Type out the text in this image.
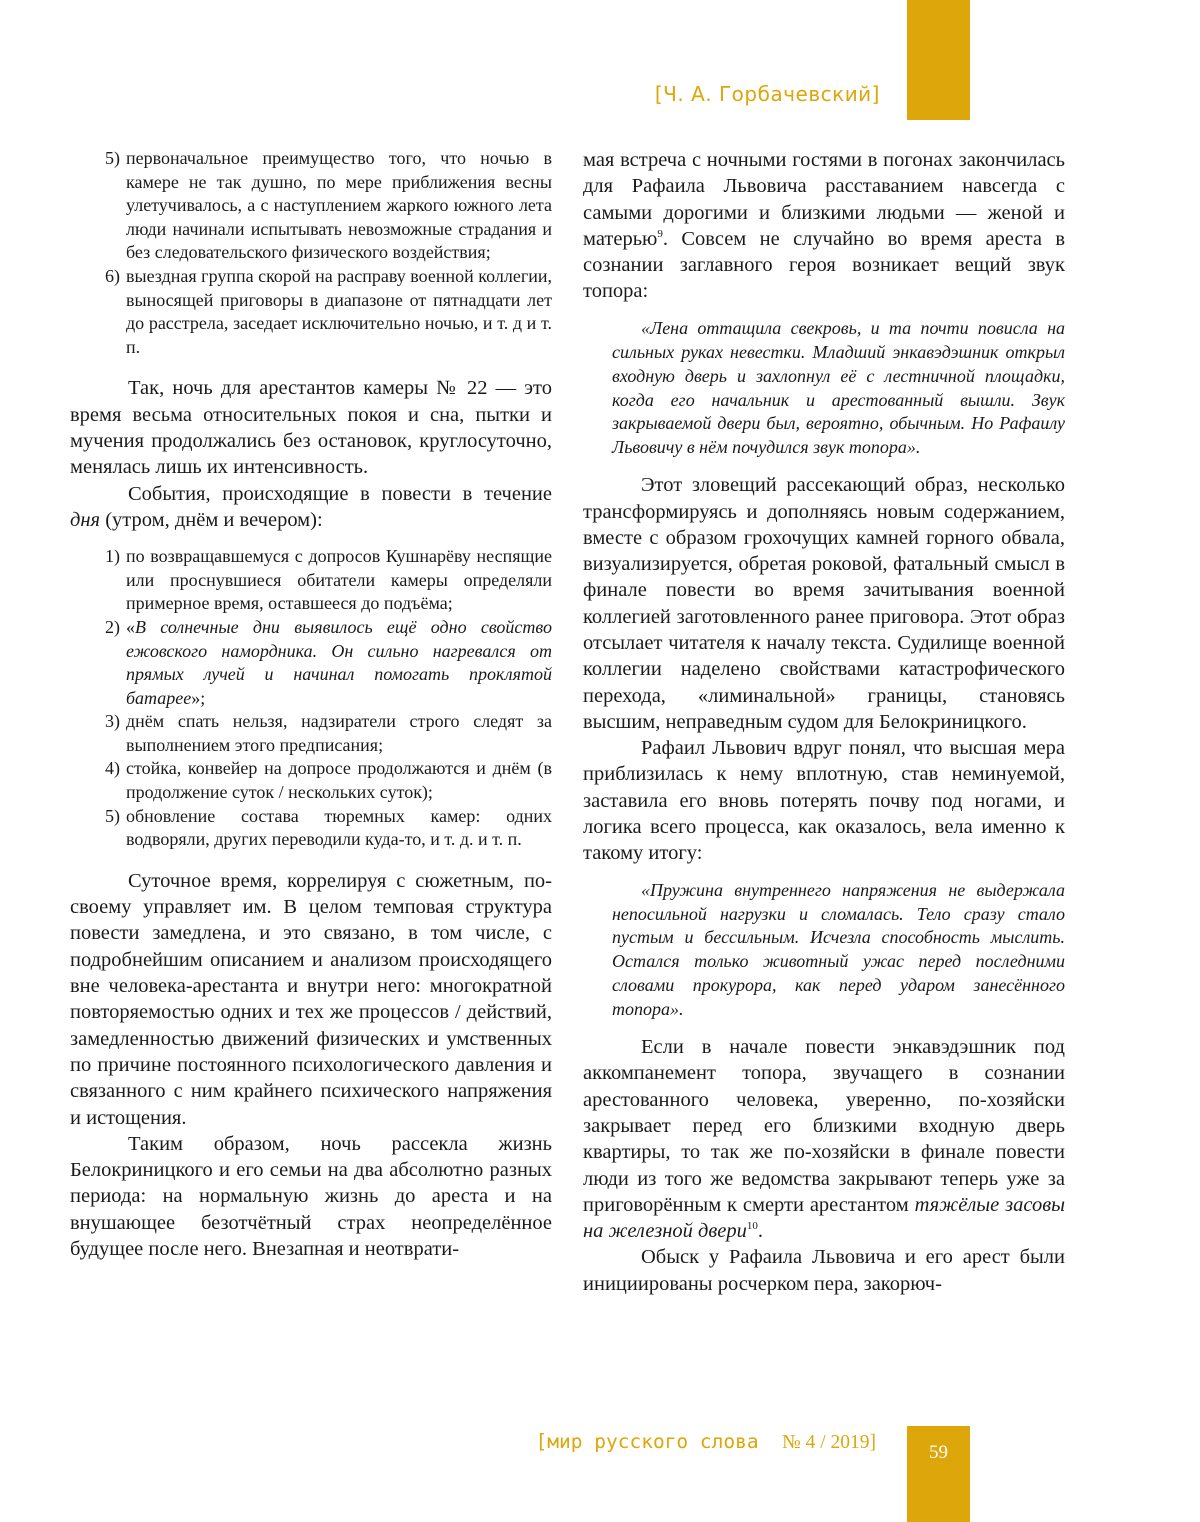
[Ч. А. Горбачевский]
5) первоначальное преимущество того, что ночью в камере не так душно, по мере приближения весны улетучивалось, а с наступлением жаркого южного лета люди начинали испытывать невозможные страдания и без следовательского физического воздействия;
6) выездная группа скорой на расправу военной коллегии, выносящей приговоры в диапазоне от пятнадцати лет до расстрела, заседает исключительно ночью, и т. д и т. п.

Так, ночь для арестантов камеры № 22 — это время весьма относительных покоя и сна, пытки и мучения продолжались без остановок, круглосуточно, менялась лишь их интенсивность.

События, происходящие в повести в течение дня (утром, днём и вечером):

1) по возвращавшемуся с допросов Кушнарёву неспящие или проснувшиеся обитатели камеры определяли примерное время, оставшееся до подъёма;
2) «В солнечные дни выявилось ещё одно свойство ежовского намордника. Он сильно нагревался от прямых лучей и начинал помогать проклятой батарее»;
3) днём спать нельзя, надзиратели строго следят за выполнением этого предписания;
4) стойка, конвейер на допросе продолжаются и днём (в продолжение суток / нескольких суток);
5) обновление состава тюремных камер: одних водворяли, других переводили куда-то, и т. д. и т. п.

Суточное время, коррелируя с сюжетным, по-своему управляет им. В целом темповая структура повести замедлена, и это связано, в том числе, с подробнейшим описанием и анализом происходящего вне человека-арестанта и внутри него: многократной повторяемостью одних и тех же процессов / действий, замедленностью движений физических и умственных по причине постоянного психологического давления и связанного с ним крайнего психического напряжения и истощения.

Таким образом, ночь рассекла жизнь Белокриницкого и его семьи на два абсолютно разных периода: на нормальную жизнь до ареста и на внушающее безотчётный страх неопределённое будущее после него. Внезапная и неотврати-

мая встреча с ночными гостями в погонах закончилась для Рафаила Львовича расставанием навсегда с самыми дорогими и близкими людьми — женой и матерью$^9$. Совсем не случайно во время ареста в сознании заглавного героя возникает вещий звук топора:

«Лена оттащила свекровь, и та почти повисла на сильных руках невестки. Младший энкавэдэшник открыл входную дверь и захлопнул её с лестничной площадки, когда его начальник и арестованный вышли. Звук закрываемой двери был, вероятно, обычным. Но Рафаилу Львовичу в нём почудился звук топора».

Этот зловещий рассекающий образ, несколько трансформируясь и дополняясь новым содержанием, вместе с образом грохочущих камней горного обвала, визуализируется, обретая роковой, фатальный смысл в финале повести во время зачитывания военной коллегией заготовленного ранее приговора. Этот образ отсылает читателя к началу текста. Судилище военной коллегии наделено свойствами катастрофического перехода, «лиминальной» границы, становясь высшим, неправедным судом для Белокриницкого.

Рафаил Львович вдруг понял, что высшая мера приблизилась к нему вплотную, став неминуемой, заставила его вновь потерять почву под ногами, и логика всего процесса, как оказалось, вела именно к такому итогу:

«Пружина внутреннего напряжения не выдержала непосильной нагрузки и сломалась. Тело сразу стало пустым и бессильным. Исчезла способность мыслить. Остался только животный ужас перед последними словами прокурора, как перед ударом занесённого топора».

Если в начале повести энкавэдэшник под аккомпанемент топора, звучащего в сознании арестованного человека, уверенно, по-хозяйски закрывает перед его близкими входную дверь квартиры, то так же по-хозяйски в финале повести люди из того же ведомства закрывают теперь уже за приговорённым к смерти арестантом тяжёлые засовы на железной двери$^{10}$.

Обыск у Рафаила Львовича и его арест были инициированы росчерком пера, закорюч-

[мир русского слова № 4 / 2019]	59
